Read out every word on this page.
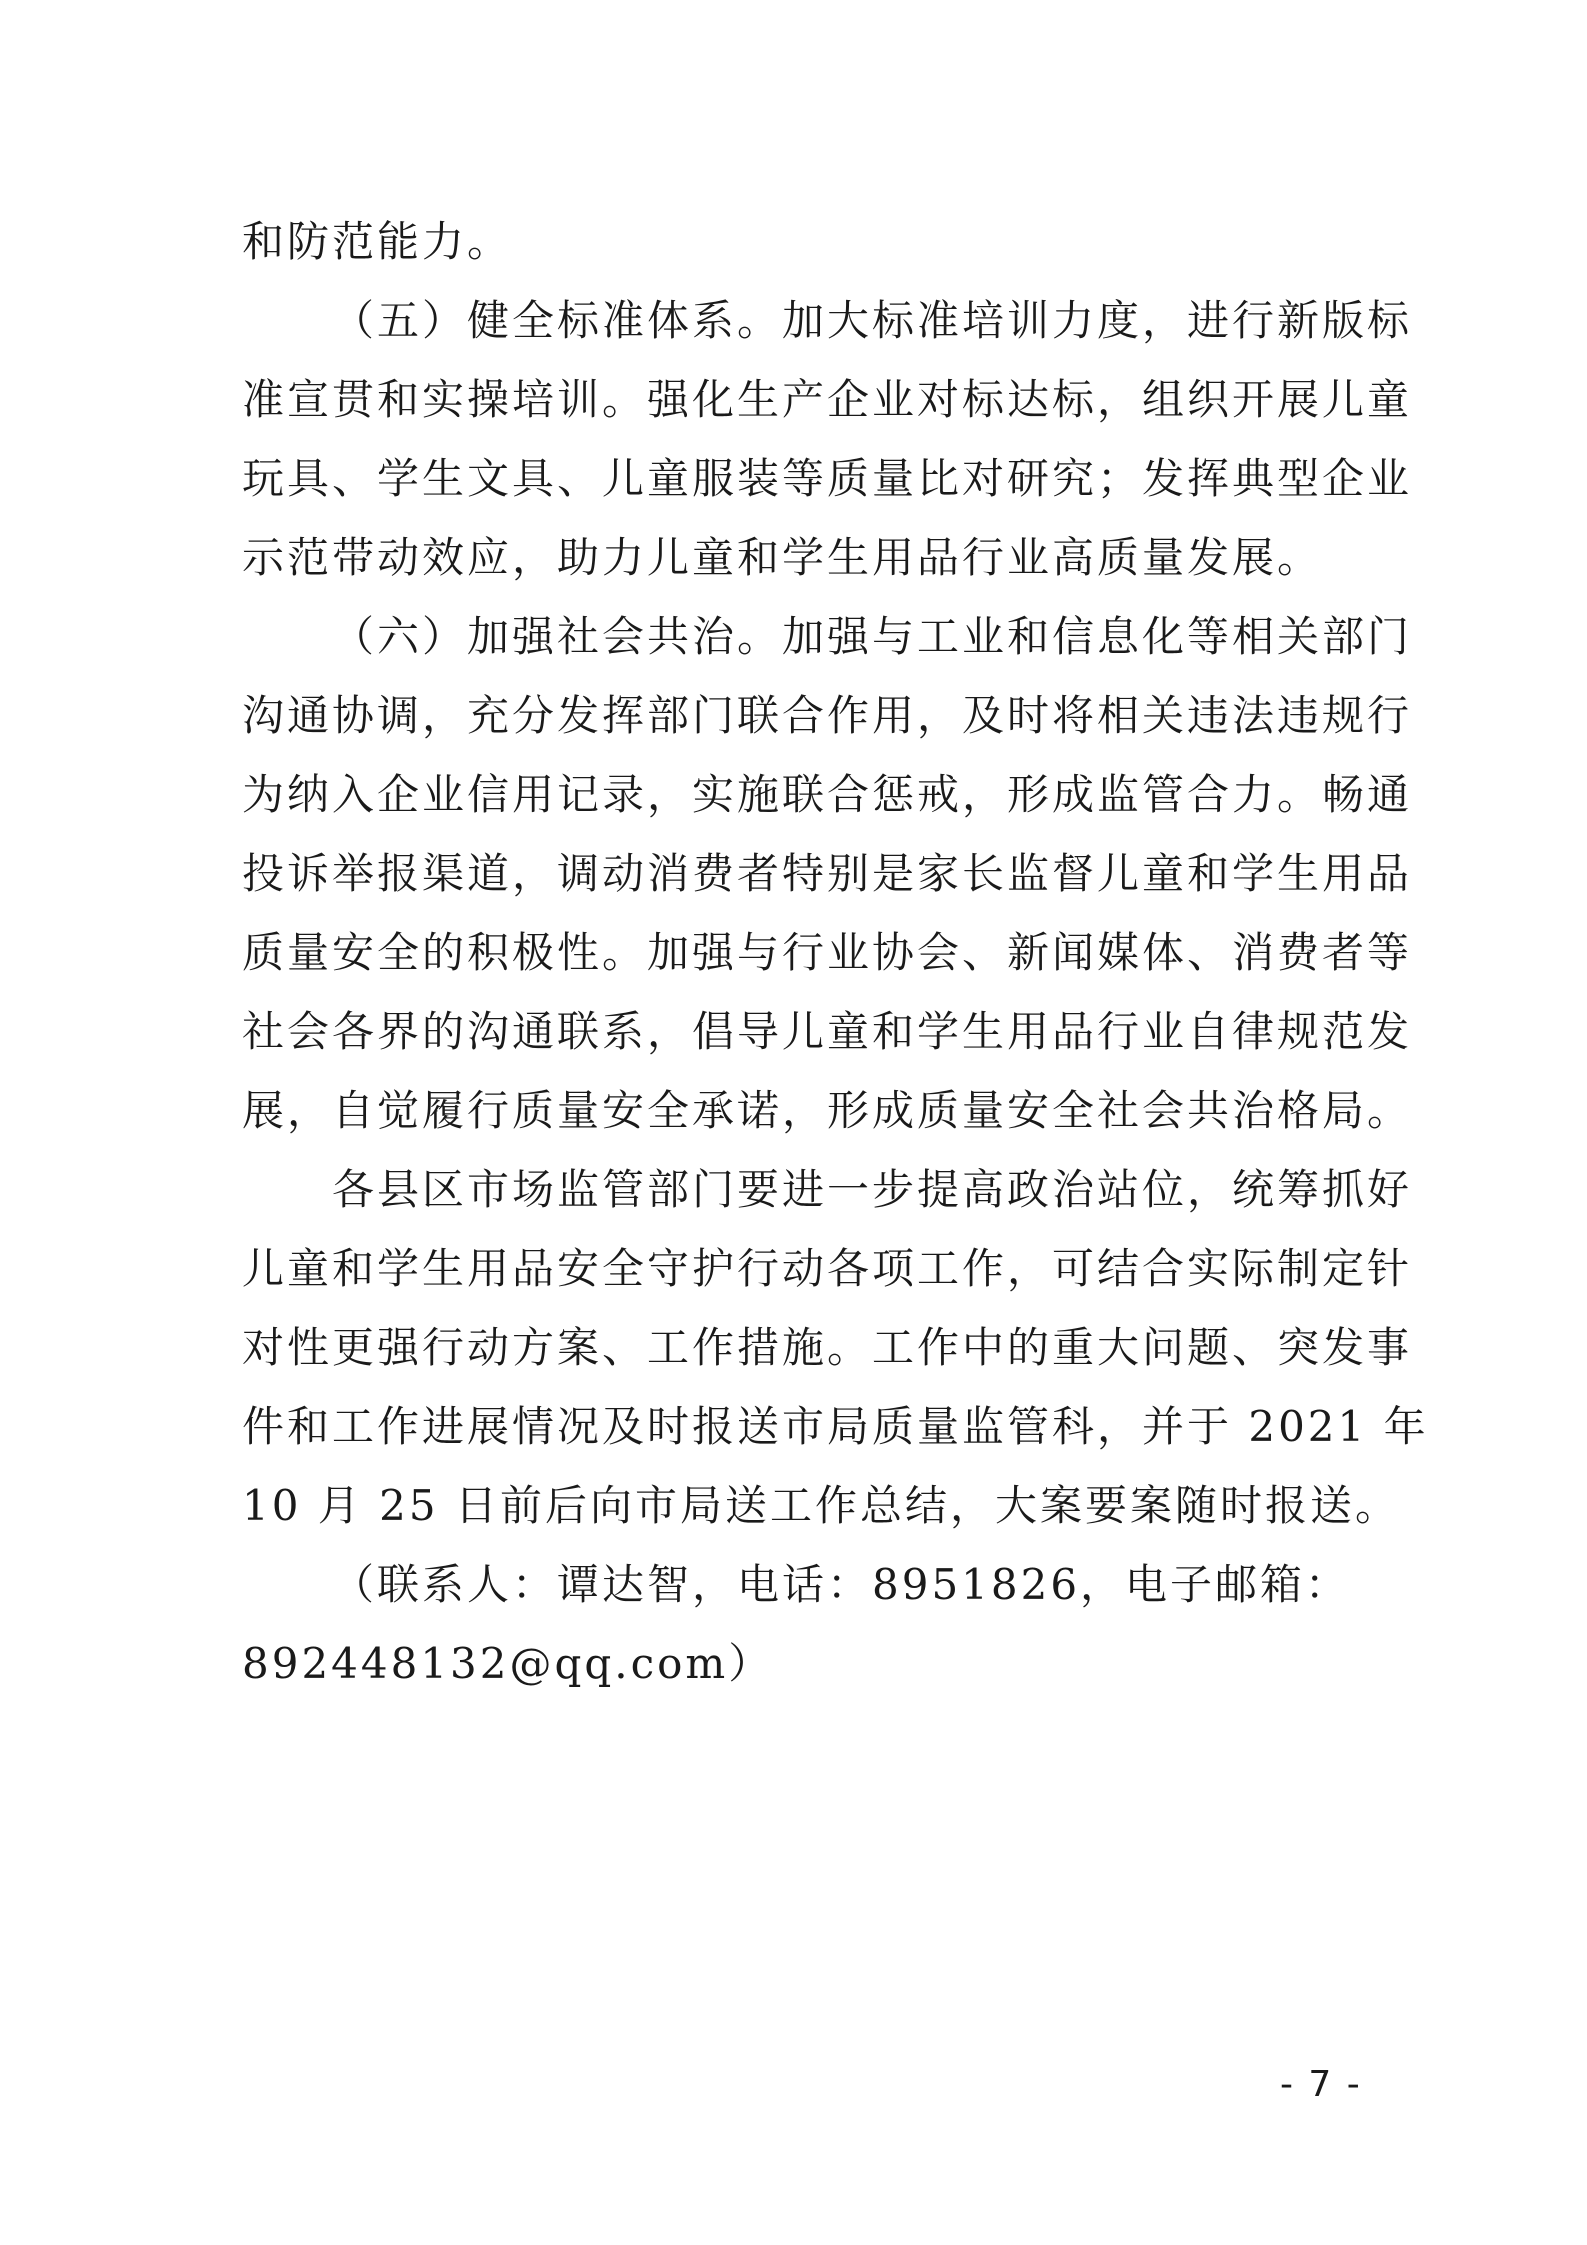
和防范能力。
（五）健全标准体系。加大标准培训力度，进行新版标
准宣贯和实操培训。强化生产企业对标达标，组织开展儿童
玩具、学生文具、儿童服装等质量比对研究；发挥典型企业
示范带动效应，助力儿童和学生用品行业高质量发展。
（六）加强社会共治。加强与工业和信息化等相关部门
沟通协调，充分发挥部门联合作用，及时将相关违法违规行
为纳入企业信用记录，实施联合惩戒，形成监管合力。畅通
投诉举报渠道，调动消费者特别是家长监督儿童和学生用品
质量安全的积极性。加强与行业协会、新闻媒体、消费者等
社会各界的沟通联系，倡导儿童和学生用品行业自律规范发
展，自觉履行质量安全承诺，形成质量安全社会共治格局。
各县区市场监管部门要进一步提高政治站位，统筹抓好
儿童和学生用品安全守护行动各项工作，可结合实际制定针
对性更强行动方案、工作措施。工作中的重大问题、突发事
件和工作进展情况及时报送市局质量监管科，并于 2021 年
10 月 25 日前后向市局送工作总结，大案要案随时报送。
（联系人：谭达智，电话：8951826，电子邮箱：
892448132@qq.com）
- 7 -
